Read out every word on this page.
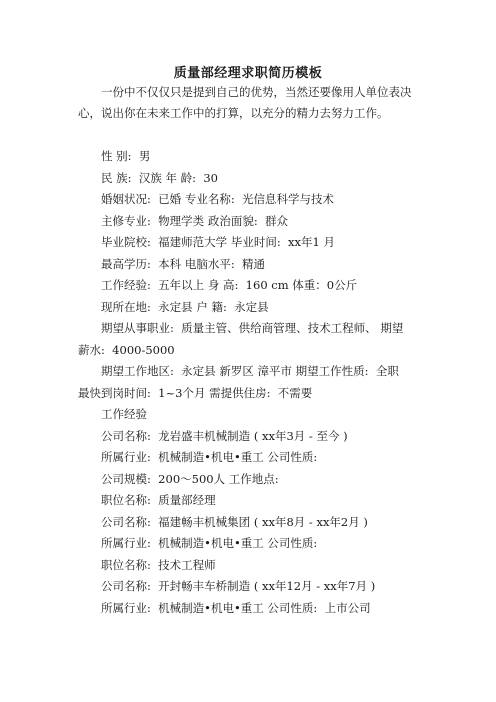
质量部经理求职简历模板
一份中不仅仅只是提到自己的优势，当然还要像用人单位表决心，说出你在未来工作中的打算，以充分的精力去努力工作。
性 别:  男
民 族:  汉族 年 龄:  30
婚姻状况:  已婚 专业名称:  光信息科学与技术
主修专业:  物理学类 政治面貌:  群众
毕业院校:  福建师范大学 毕业时间:  xx年1 月
最高学历:  本科 电脑水平:  精通
工作经验:  五年以上 身 高:  160 cm 体重：0公斤
现所在地:  永定县 户 籍:  永定县
期望从事职业:  质量主管、供给商管理、技术工程师、 期望
薪水:  4000-5000
期望工作地区:  永定县 新罗区 漳平市 期望工作性质:  全职
最快到岗时间:  1~3个月 需提供住房:  不需要
工作经验
公司名称:  龙岩盛丰机械制造 ( xx年3月 - 至今 )
所属行业:  机械制造•机电•重工 公司性质:
公司规模:  200～500人 工作地点:
职位名称:  质量部经理
公司名称:  福建畅丰机械集团 ( xx年8月 - xx年2月 )
所属行业:  机械制造•机电•重工 公司性质:
职位名称:  技术工程师
公司名称:  开封畅丰车桥制造 ( xx年12月 - xx年7月 )
所属行业:  机械制造•机电•重工 公司性质:  上市公司
